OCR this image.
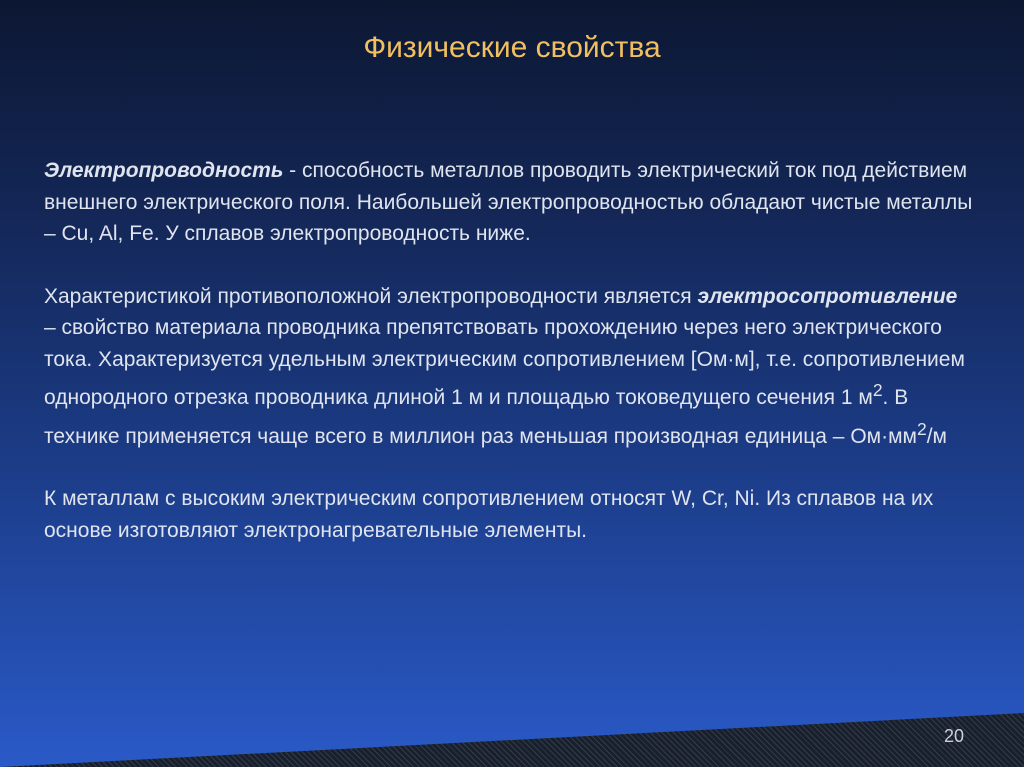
Физические свойства

Электропроводность - способность металлов проводить электрический ток под действием внешнего электрического поля. Наибольшей электропроводностью обладают чистые металлы – Cu, Al, Fe. У сплавов электропроводность ниже.

Характеристикой противоположной электропроводности является электросопротивление – свойство материала проводника препятствовать прохождению через него электрического тока. Характеризуется удельным электрическим сопротивлением [Ом·м], т.е. сопротивлением однородного отрезка проводника длиной 1 м и площадью токоведущего сечения 1 $м^2$. В технике применяется чаще всего в миллион раз меньшая производная единица – $Ом\cdot мм^2/м$

К металлам с высоким электрическим сопротивлением относят W, Cr, Ni. Из сплавов на их основе изготовляют электронагревательные элементы.

20
